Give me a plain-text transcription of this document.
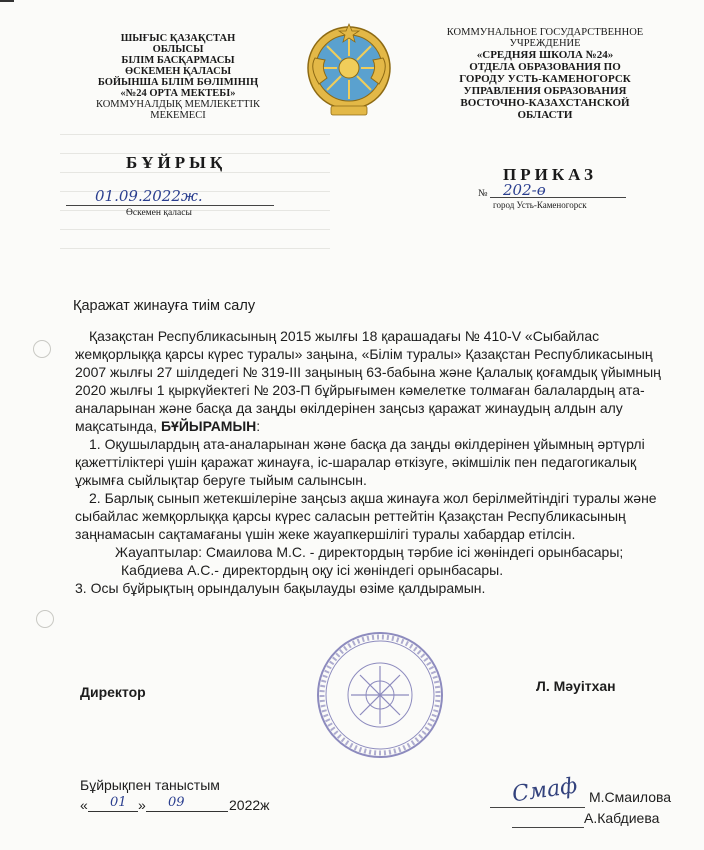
ШЫҒЫС ҚАЗАҚСТАН
ОБЛЫСЫ
БІЛІМ БАСҚАРМАСЫ
ӨСКЕМЕН ҚАЛАСЫ
БОЙЫНША БІЛІМ БӨЛІМІНІҢ
«№24 ОРТА МЕКТЕБІ»
КОММУНАЛДЫҚ МЕМЛЕКЕТТІК
МЕКЕМЕСІ
БҰЙРЫҚ
01.09.2022ж.
Өскемен қаласы
КОММУНАЛЬНОЕ ГОСУДАРСТВЕННОЕ
УЧРЕЖДЕНИЕ
«СРЕДНЯЯ ШКОЛА №24»
ОТДЕЛА ОБРАЗОВАНИЯ ПО
ГОРОДУ УСТЬ-КАМЕНОГОРСК
УПРАВЛЕНИЯ ОБРАЗОВАНИЯ
ВОСТОЧНО-КАЗАХСТАНСКОЙ
ОБЛАСТИ
ПРИКАЗ
№ 202-ө
город Усть-Каменогорск
Қаражат жинауға тиім салу

Қазақстан Республикасының 2015 жылғы 18 қарашадағы № 410-V «Сыбайлас жемқорлыққа қарсы күрес туралы» заңына, «Білім туралы» Қазақстан Республикасының 2007 жылғы 27 шілдедегі № 319-ІІІ заңының 63-бабына және Қалалық қоғамдық үйымның 2020 жылғы 1 қыркүйектегі № 203-П бұйрығымен кәмелетке толмаған балалардың ата-аналарынан және басқа да заңды өкілдерінен заңсыз қаражат жинаудың алдын алу мақсатында, БҰЙЫРАМЫН:

1. Оқушылардың ата-аналарынан және басқа да заңды өкілдерінен ұйымның әртүрлі қажеттіліктері үшін қаражат жинауға, іс-шаралар өткізуге, әкімшілік пен педагогикалық ұжымға сыйлықтар беруге тыйым салынсын.

2. Барлық сынып жетекшілеріне заңсыз ақша жинауға жол берілмейтіндігі туралы және сыбайлас жемқорлыққа қарсы күрес саласын реттейтін Қазақстан Республикасының заңнамасын сақтамағаны үшін жеке жауапкершілігі туралы хабардар етілсін.

Жауаптылар: Смаилова М.С. - директордың тәрбие ісі жөніндегі орынбасары;

Кабдиева А.С.- директордың оқу ісі жөніндегі орынбасары.

3. Осы бұйрықтың орындалуын бақылауды өзіме қалдырамын.

Директор	Л. Мәуітхан
Бұйрықпен таныстым
« 01 » 09	2022ж	Смаф М.Смаилова
А.Кабдиева
